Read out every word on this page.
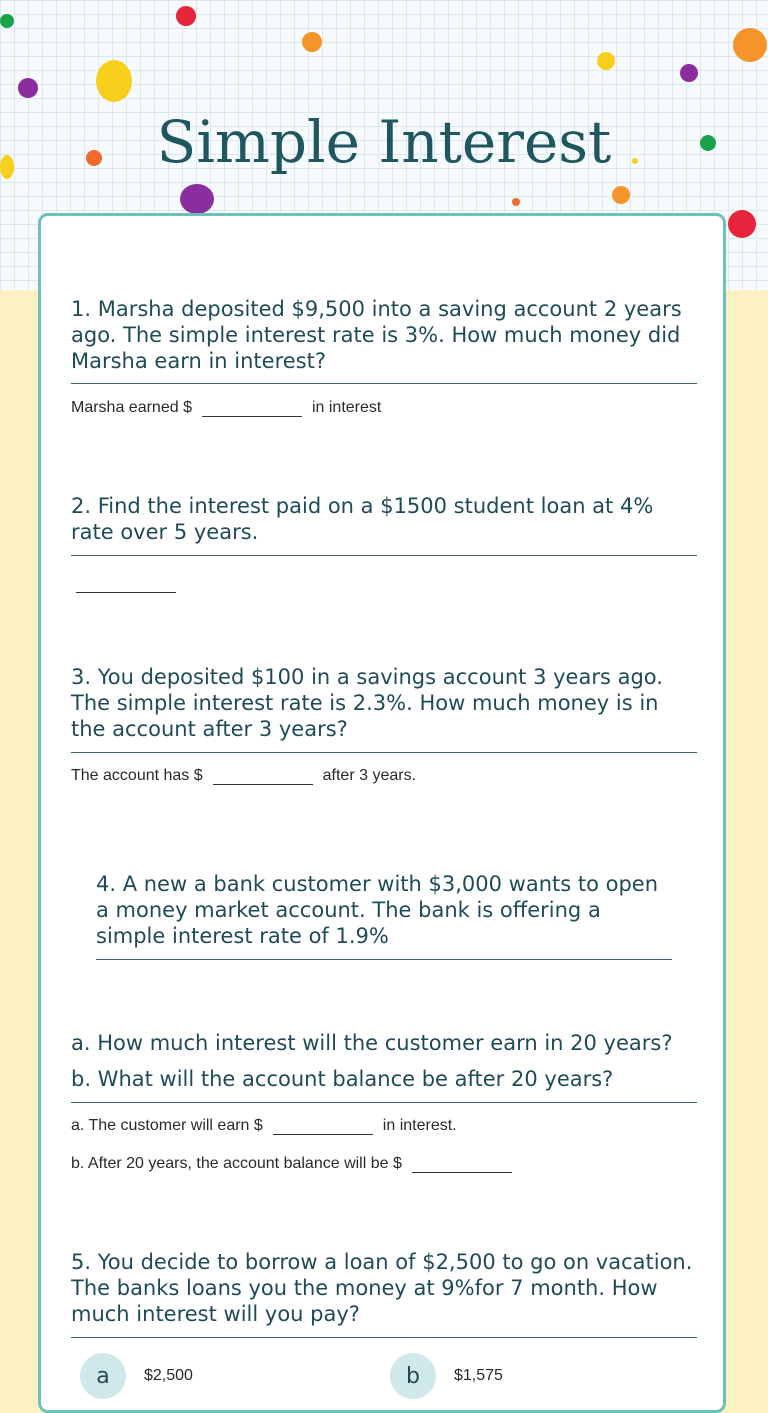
Simple Interest
1. Marsha deposited $9,500 into a saving account 2 years ago. The simple interest rate is 3%. How much money did Marsha earn in interest?
Marsha earned $	in interest
2. Find the interest paid on a $1500 student loan at 4% rate over 5 years.
3. You deposited $100 in a savings account 3 years ago. The simple interest rate is 2.3%. How much money is in the account after 3 years?
The account has $	after 3 years.
4. A new a bank customer with $3,000 wants to open a money market account. The bank is offering a simple interest rate of 1.9%
a. How much interest will the customer earn in 20 years?
b. What will the account balance be after 20 years?
a. The customer will earn $	in interest.
b. After 20 years, the account balance will be $
5. You decide to borrow a loan of $2,500 to go on vacation. The banks loans you the money at 9%for 7 month. How much interest will you pay?
a	$2,500	b	$1,575
